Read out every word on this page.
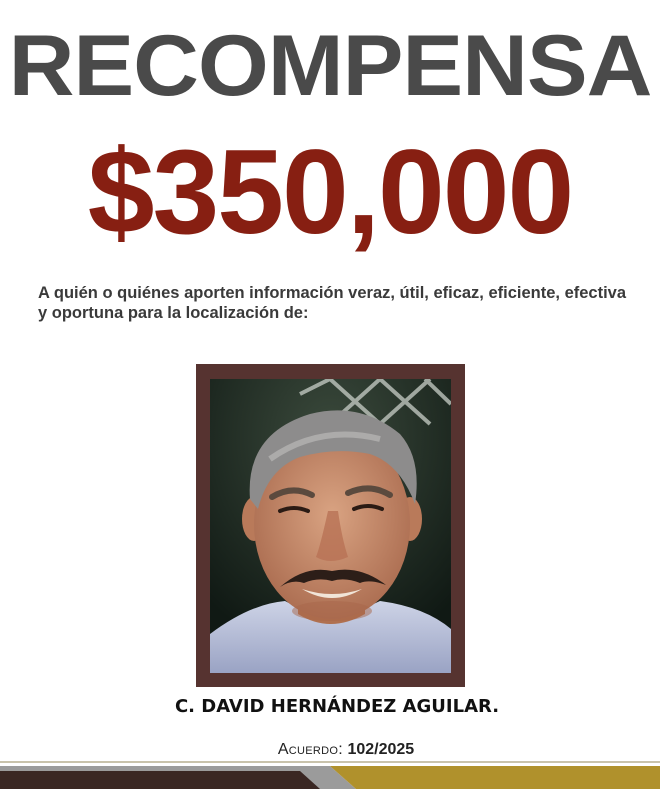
RECOMPENSA
$350,000
A quién o quiénes aporten información veraz, útil, eficaz, eficiente, efectiva y oportuna para la localización de:
C. DAVID HERNÁNDEZ AGUILAR.
Acuerdo: 102/2025
